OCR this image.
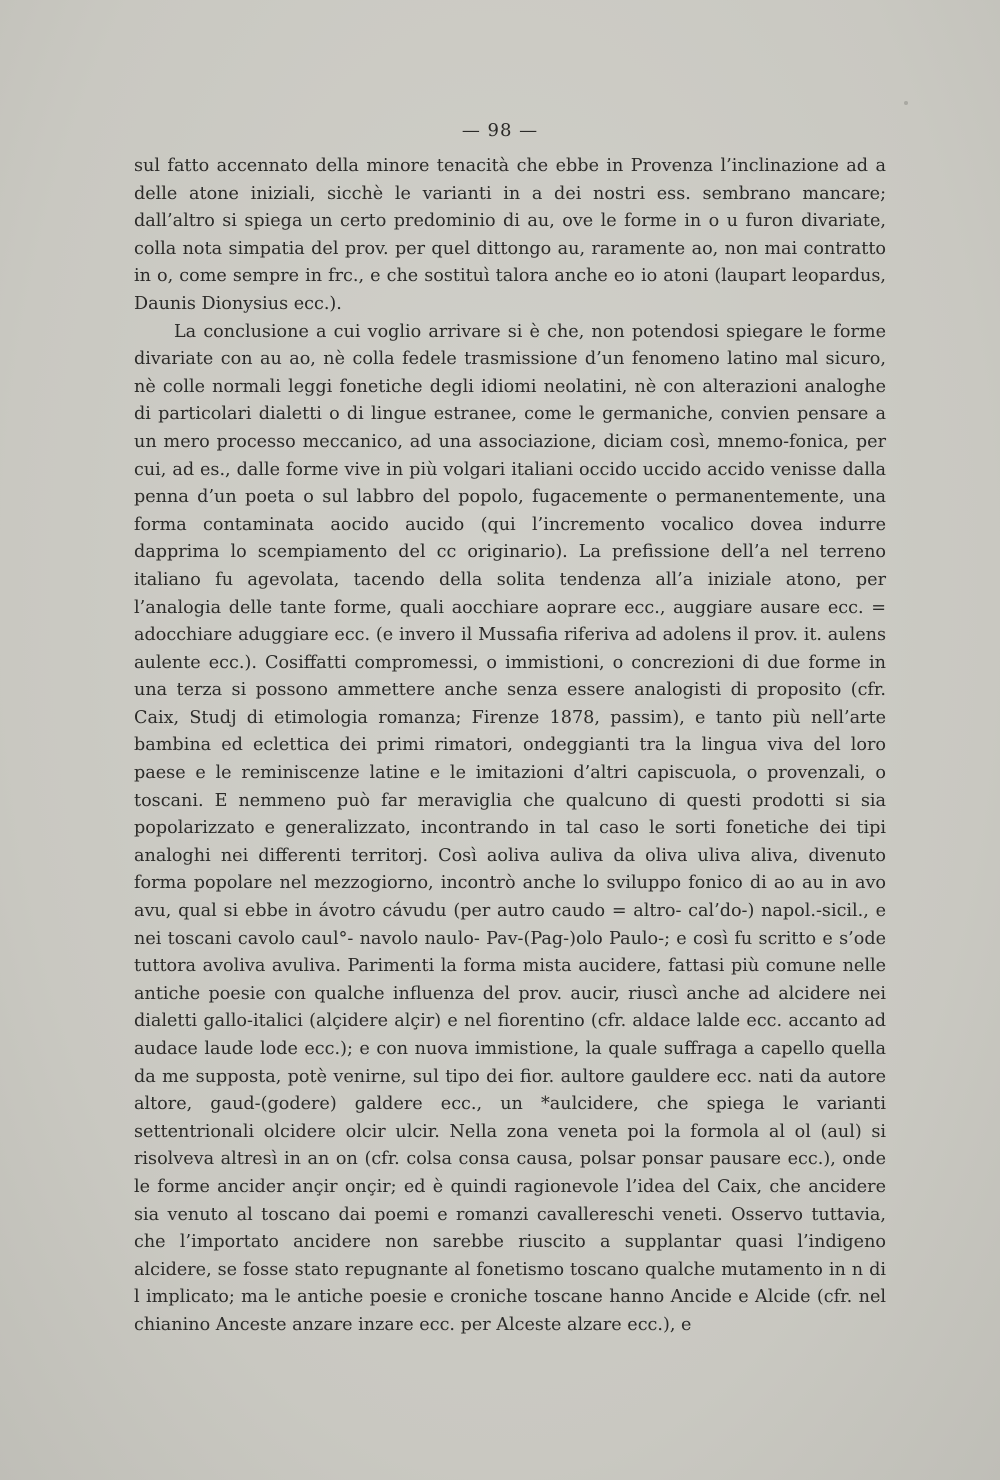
— 98 —

sul fatto accennato della minore tenacità che ebbe in Provenza l’inclinazione ad a delle atone iniziali, sicchè le varianti in a dei nostri ess. sembrano mancare; dall’altro si spiega un certo predominio di au, ove le forme in o u furon divariate, colla nota simpatia del prov. per quel dittongo au, raramente ao, non mai contratto in o, come sempre in frc., e che sostituì talora anche eo io atoni (laupart leopardus, Daunis Dionysius ecc.).

La conclusione a cui voglio arrivare si è che, non potendosi spiegare le forme divariate con au ao, nè colla fedele trasmissione d’un fenomeno latino mal sicuro, nè colle normali leggi fonetiche degli idiomi neolatini, nè con alterazioni analoghe di particolari dialetti o di lingue estranee, come le germaniche, convien pensare a un mero processo meccanico, ad una associazione, diciam così, mnemo-fonica, per cui, ad es., dalle forme vive in più volgari italiani occido uccido accido venisse dalla penna d’un poeta o sul labbro del popolo, fugacemente o permanentemente, una forma contaminata aocido aucido (qui l’incremento vocalico dovea indurre dapprima lo scempiamento del cc originario). La prefissione dell’a nel terreno italiano fu agevolata, tacendo della solita tendenza all’a iniziale atono, per l’analogia delle tante forme, quali aocchiare aoprare ecc., auggiare ausare ecc. = adocchiare aduggiare ecc. (e invero il Mussafia riferiva ad adolens il prov. it. aulens aulente ecc.). Cosiffatti compromessi, o immistioni, o concrezioni di due forme in una terza si possono ammettere anche senza essere analogisti di proposito (cfr. Caix, Studj di etimologia romanza; Firenze 1878, passim), e tanto più nell’arte bambina ed eclettica dei primi rimatori, ondeggianti tra la lingua viva del loro paese e le reminiscenze latine e le imitazioni d’altri capiscuola, o provenzali, o toscani. E nemmeno può far meraviglia che qualcuno di questi prodotti si sia popolarizzato e generalizzato, incontrando in tal caso le sorti fonetiche dei tipi analoghi nei differenti territorj. Così aoliva auliva da oliva uliva aliva, divenuto forma popolare nel mezzogiorno, incontrò anche lo sviluppo fonico di ao au in avo avu, qual si ebbe in ávotro cávudu (per autro caudo = altro- cal’do-) napol.-sicil., e nei toscani cavolo caul°- navolo naulo- Pav-(Pag-)olo Paulo-; e così fu scritto e s’ode tuttora avoliva avuliva. Parimenti la forma mista aucidere, fattasi più comune nelle antiche poesie con qualche influenza del prov. aucir, riuscì anche ad alcidere nei dialetti gallo-italici (alçidere alçir) e nel fiorentino (cfr. aldace lalde ecc. accanto ad audace laude lode ecc.); e con nuova immistione, la quale suffraga a capello quella da me supposta, potè venirne, sul tipo dei fior. aultore gauldere ecc. nati da autore altore, gaud-(godere) galdere ecc., un *aulcidere, che spiega le varianti settentrionali olcidere olcir ulcir. Nella zona veneta poi la formola al ol (aul) si risolveva altresì in an on (cfr. colsa consa causa, polsar ponsar pausare ecc.), onde le forme ancider ançir onçir; ed è quindi ragionevole l’idea del Caix, che ancidere sia venuto al toscano dai poemi e romanzi cavallereschi veneti. Osservo tuttavia, che l’importato ancidere non sarebbe riuscito a supplantar quasi l’indigeno alcidere, se fosse stato repugnante al fonetismo toscano qualche mutamento in n di l implicato; ma le antiche poesie e croniche toscane hanno Ancide e Alcide (cfr. nel chianino Anceste anzare inzare ecc. per Alceste alzare ecc.), e
